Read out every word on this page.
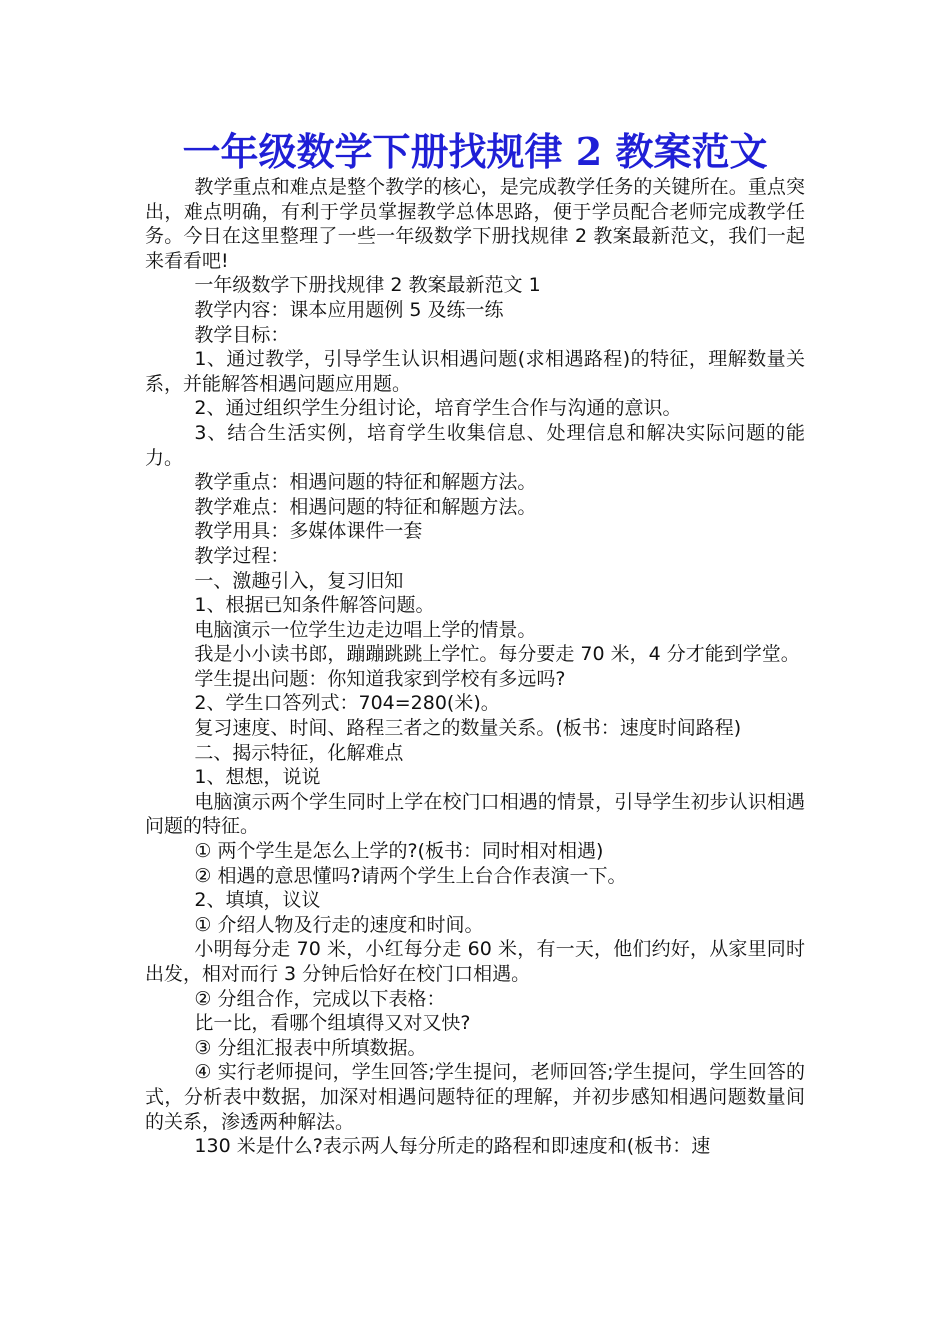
一年级数学下册找规律 2 教案范文

教学重点和难点是整个教学的核心，是完成教学任务的关键所在。重点突出，难点明确，有利于学员掌握教学总体思路，便于学员配合老师完成教学任务。今日在这里整理了一些一年级数学下册找规律 2 教案最新范文，我们一起来看看吧!

一年级数学下册找规律 2 教案最新范文 1

教学内容：课本应用题例 5 及练一练

教学目标：

1、通过教学，引导学生认识相遇问题(求相遇路程)的特征，理解数量关系，并能解答相遇问题应用题。

2、通过组织学生分组讨论，培育学生合作与沟通的意识。

3、结合生活实例，培育学生收集信息、处理信息和解决实际问题的能力。

教学重点：相遇问题的特征和解题方法。

教学难点：相遇问题的特征和解题方法。

教学用具：多媒体课件一套

教学过程：

一、激趣引入，复习旧知

1、根据已知条件解答问题。

电脑演示一位学生边走边唱上学的情景。

我是小小读书郎，蹦蹦跳跳上学忙。每分要走 70 米，4 分才能到学堂。

学生提出问题：你知道我家到学校有多远吗?

2、学生口答列式：704=280(米)。

复习速度、时间、路程三者之的数量关系。(板书：速度时间路程)

二、揭示特征，化解难点

1、想想，说说

电脑演示两个学生同时上学在校门口相遇的情景，引导学生初步认识相遇问题的特征。

① 两个学生是怎么上学的?(板书：同时相对相遇)

② 相遇的意思懂吗?请两个学生上台合作表演一下。

2、填填，议议

① 介绍人物及行走的速度和时间。

小明每分走 70 米，小红每分走 60 米，有一天，他们约好，从家里同时出发，相对而行 3 分钟后恰好在校门口相遇。

② 分组合作，完成以下表格：

比一比，看哪个组填得又对又快?

③ 分组汇报表中所填数据。

④ 实行老师提问，学生回答;学生提问，老师回答;学生提问，学生回答的式，分析表中数据，加深对相遇问题特征的理解，并初步感知相遇问题数量间的关系，渗透两种解法。

130 米是什么?表示两人每分所走的路程和即速度和(板书：速
